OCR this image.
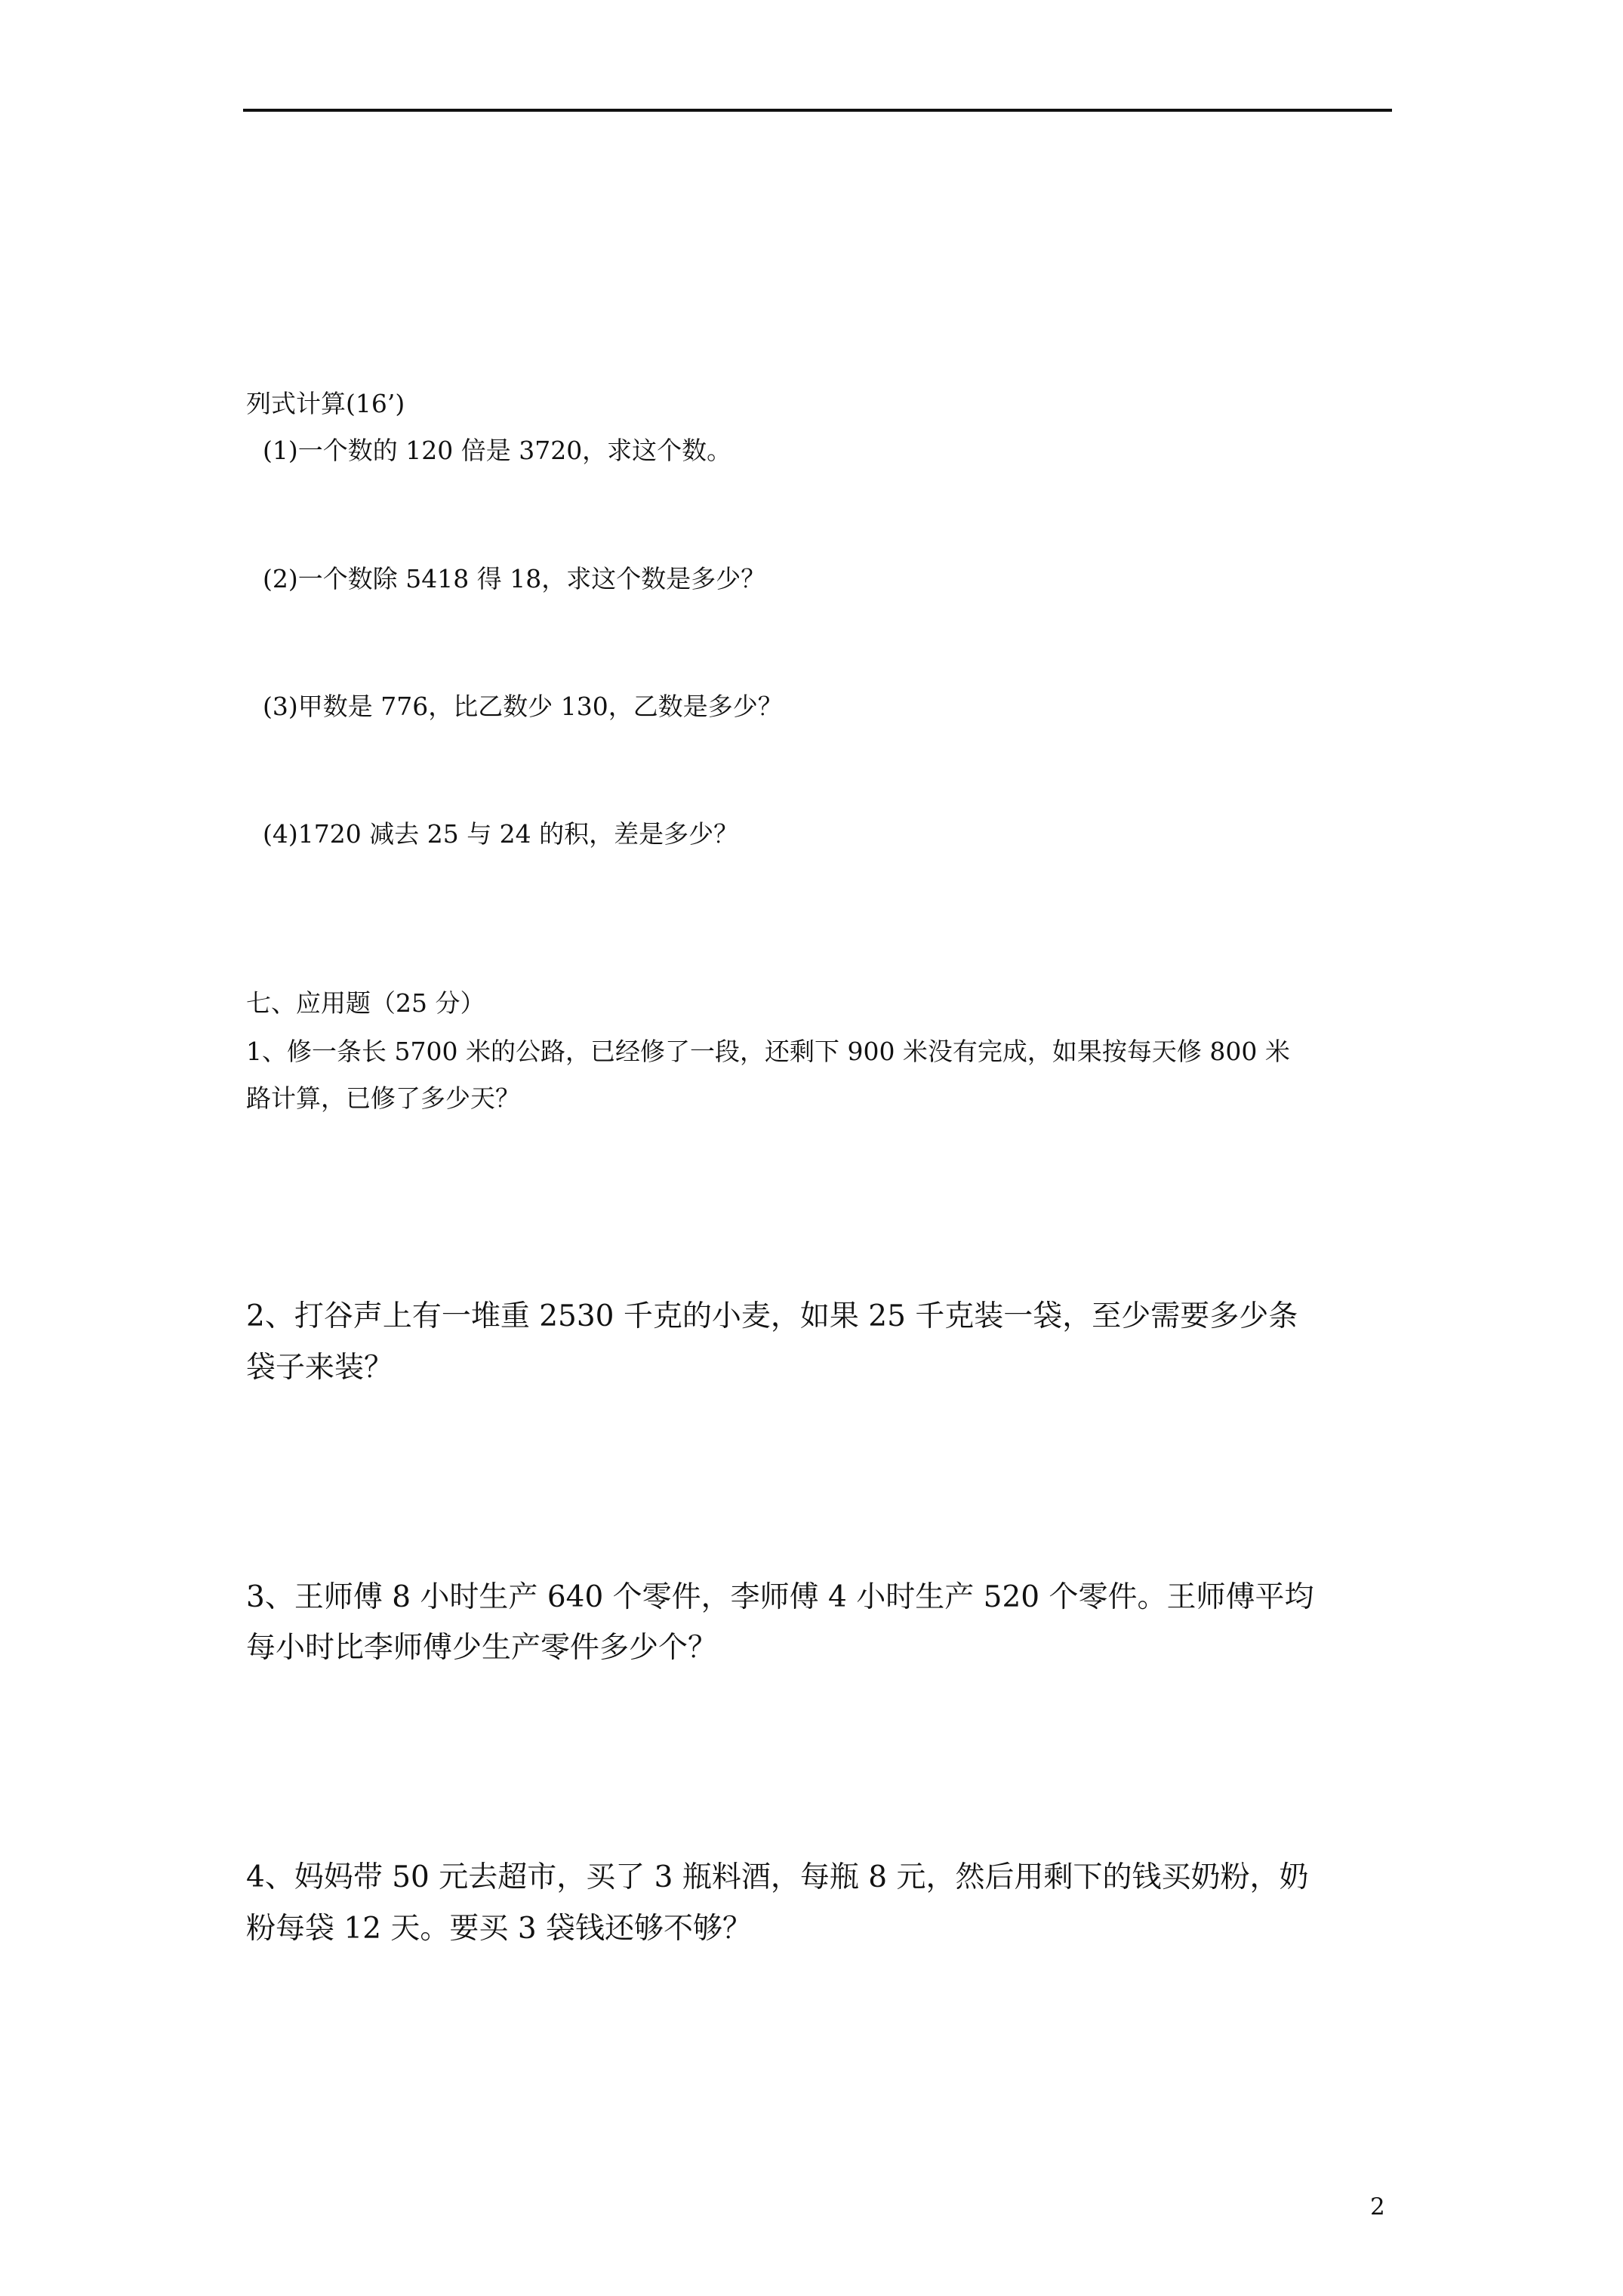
列式计算(16’)
(1)一个数的 120 倍是 3720，求这个数。
(2)一个数除 5418 得 18，求这个数是多少？
(3)甲数是 776，比乙数少 130，乙数是多少？
(4)1720 减去 25 与 24 的积，差是多少？
七、应用题（25 分）
1、修一条长 5700 米的公路，已经修了一段，还剩下 900 米没有完成，如果按每天修 800 米
路计算，已修了多少天？
2、打谷声上有一堆重 2530 千克的小麦，如果 25 千克装一袋，至少需要多少条
袋子来装？
3、王师傅 8 小时生产 640 个零件，李师傅 4 小时生产 520 个零件。王师傅平均
每小时比李师傅少生产零件多少个？
4、妈妈带 50 元去超市，买了 3 瓶料酒，每瓶 8 元，然后用剩下的钱买奶粉，奶
粉每袋 12 天。要买 3 袋钱还够不够？
2
